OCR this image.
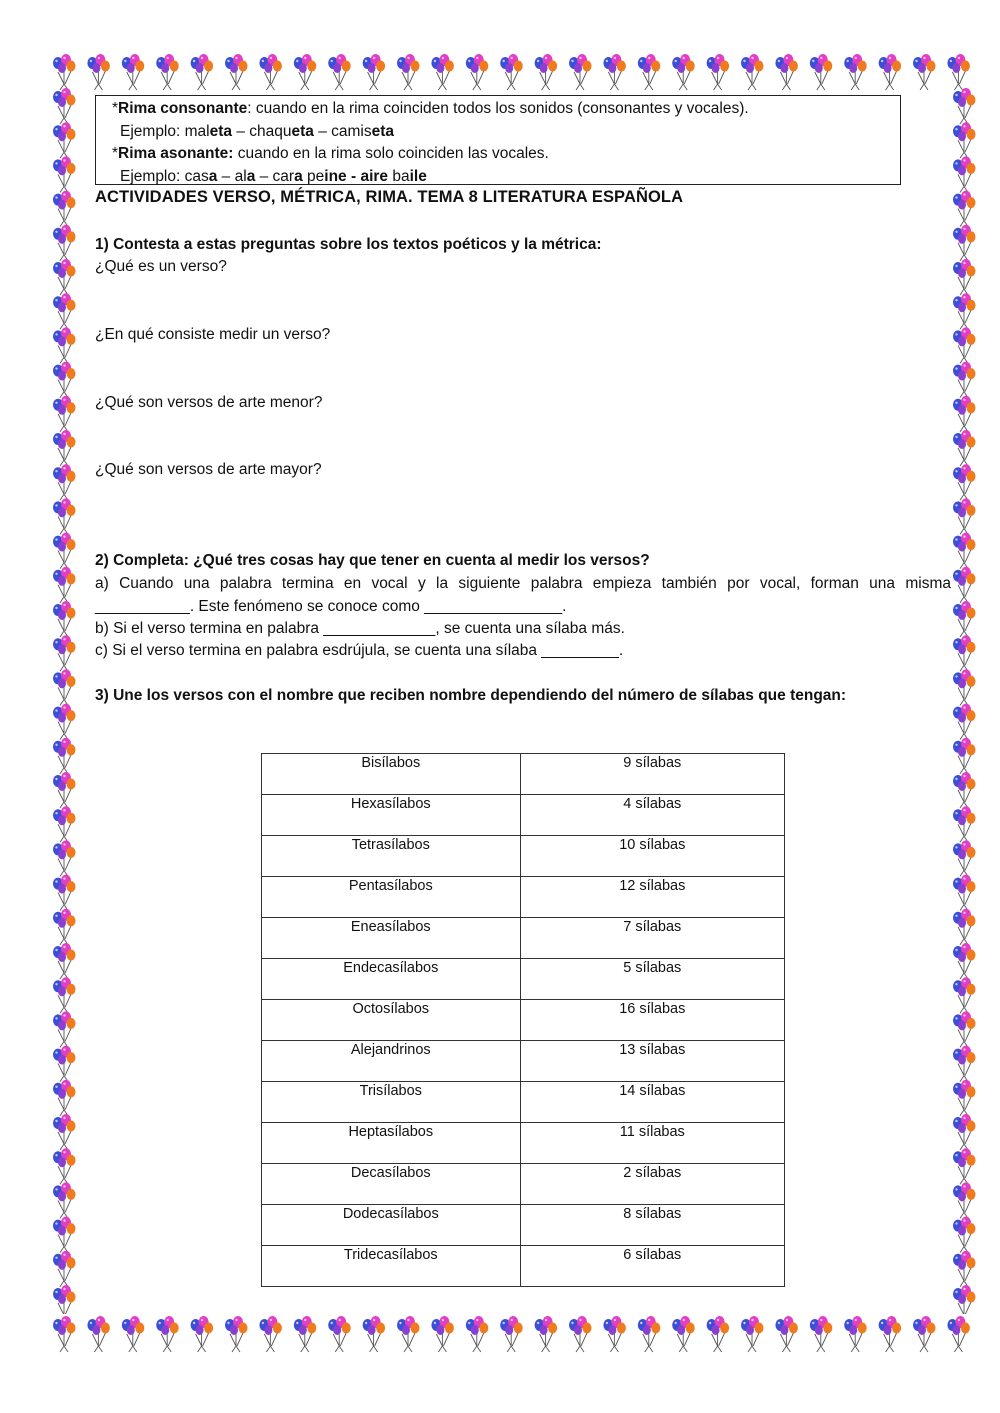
*Rima consonante: cuando en la rima coinciden todos los sonidos (consonantes y vocales).
Ejemplo: maleta – chaqueta – camiseta
*Rima asonante: cuando en la rima solo coinciden las vocales.
Ejemplo: casa – ala – cara peine - aire baile
ACTIVIDADES VERSO, MÉTRICA, RIMA. TEMA 8 LITERATURA ESPAÑOLA
1) Contesta a estas preguntas sobre los textos poéticos y la métrica:
¿Qué es un verso?
¿En qué consiste medir un verso?
¿Qué son versos de arte menor?
¿Qué son versos de arte mayor?
2) Completa: ¿Qué tres cosas hay que tener en cuenta al medir los versos?
a) Cuando una palabra termina en vocal y la siguiente palabra empieza también por vocal, forman una misma
___________. Este fenómeno se conoce como ________________.
b) Si el verso termina en palabra _____________, se cuenta una sílaba más.
c) Si el verso termina en palabra esdrújula, se cuenta una sílaba _________.
3) Une los versos con el nombre que reciben nombre dependiendo del número de sílabas que tengan:
Bisílabos	9 sílabas
Hexasílabos	4 sílabas
Tetrasílabos	10 sílabas
Pentasílabos	12 sílabas
Eneasílabos	7 sílabas
Endecasílabos	5 sílabas
Octosílabos	16 sílabas
Alejandrinos	13 sílabas
Trisílabos	14 sílabas
Heptasílabos	11 sílabas
Decasílabos	2 sílabas
Dodecasílabos	8 sílabas
Tridecasílabos	6 sílabas
